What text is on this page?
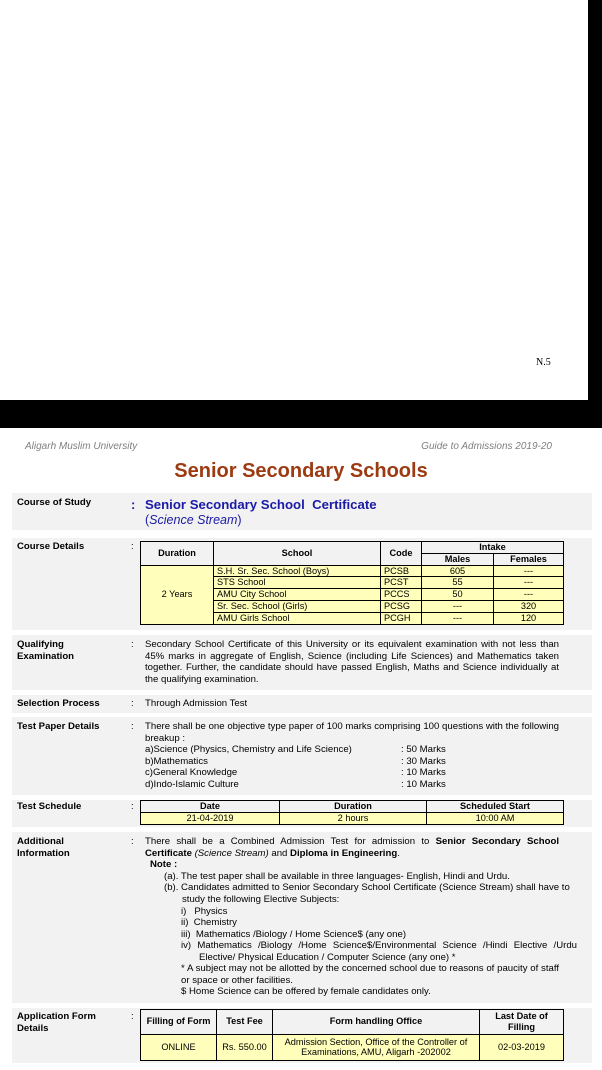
N.5
Aligarh Muslim University	Guide to Admissions 2019-20
Senior Secondary Schools
Course of Study	: Senior Secondary School  Certificate
(Science Stream)
Course Details	:
Duration	School	Code	Intake	
			Males	Females
2 Years	S.H. Sr. Sec. School (Boys)	PCSB	605	---
	STS School	PCST	55	---
	AMU City School	PCCS	50	---
	Sr. Sec. School (Girls)	PCSG	---	320
	AMU Girls School	PCGH	---	120
Qualifying
Examination
: Secondary School Certificate of this University or its equivalent examination with not less than 45% marks in aggregate of English, Science (including Life Sciences) and Mathematics taken together. Further, the candidate should have passed English, Maths and Science individually at the qualifying examination.
Selection Process	: Through Admission Test
Test Paper Details	: There shall be one objective type paper of 100 marks comprising 100 questions with the following breakup :
a)Science (Physics, Chemistry and Life Science)	: 50 Marks
b)Mathematics	: 30 Marks
c)General Knowledge	: 10 Marks
d)Indo-Islamic Culture	: 10 Marks
Test Schedule	:	Date	Duration	Scheduled Start
21-04-2019	2 hours	10:00 AM
Additional
Information
: There shall be a Combined Admission Test for admission to Senior Secondary School Certificate (Science Stream) and Diploma in Engineering.
Note :
(a). The test paper shall be available in three languages- English, Hindi and Urdu.
(b). Candidates admitted to Senior Secondary School Certificate (Science Stream) shall have to study the following Elective Subjects:
i)   Physics
ii)  Chemistry
iii)  Mathematics /Biology / Home Science$ (any one)
iv) Mathematics /Biology /Home Science$/Environmental Science /Hindi Elective /Urdu Elective/ Physical Education / Computer Science (any one) *
* A subject may not be allotted by the concerned school due to reasons of paucity of staff or space or other facilities.
$ Home Science can be offered by female candidates only.
Application Form
Details
: Filling of Form	Test Fee	Form handling Office	Last Date of Filling
ONLINE	Rs. 550.00	Admission Section, Office of the Controller of Examinations, AMU, Aligarh -202002	02-03-2019
